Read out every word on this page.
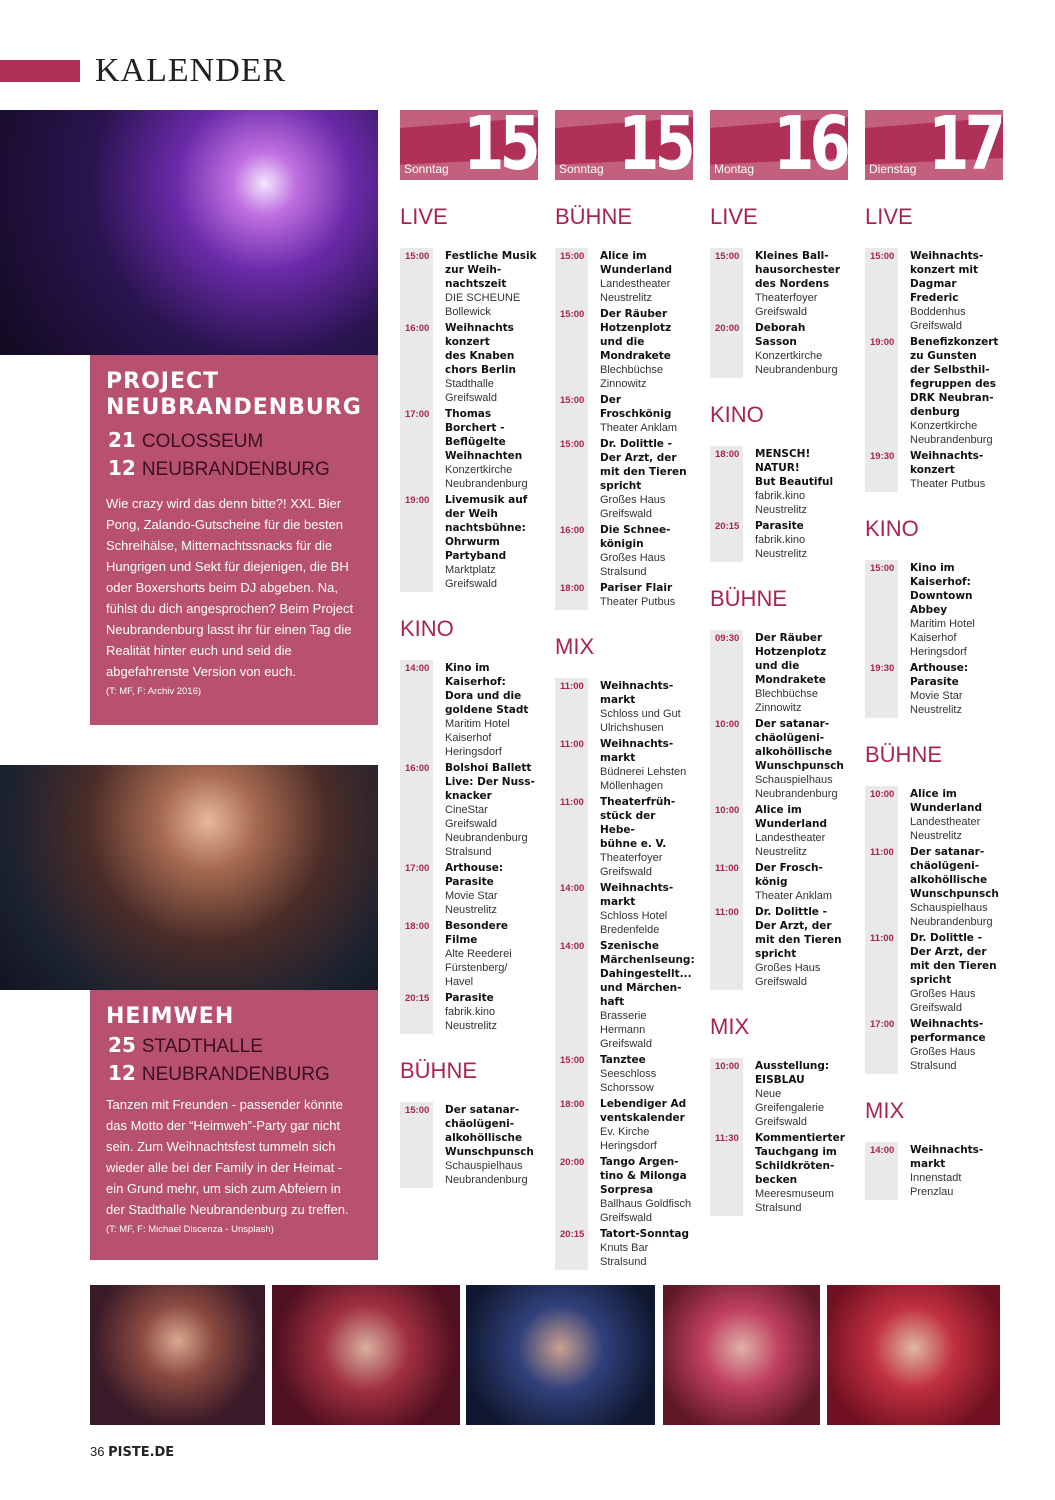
KALENDER
PROJECT
NEUBRANDENBURG
21 COLOSSEUM
12 NEUBRANDENBURG
Wie crazy wird das denn bitte?! XXL Bier Pong, Zalando-Gutscheine für die besten Schreihälse, Mitternachtssnacks für die Hungrigen und Sekt für diejenigen, die BH oder Boxershorts beim DJ abgeben. Na, fühlst du dich angesprochen? Beim Project Neubrandenburg lasst ihr für einen Tag die Realität hinter euch und seid die abgefahrenste Version von euch.
(T: MF, F: Archiv 2016)
HEIMWEH
25 STADTHALLE
12 NEUBRANDENBURG
Tanzen mit Freunden - passender könnte das Motto der “Heimweh”-Party gar nicht sein. Zum Weihnachtsfest tummeln sich wieder alle bei der Family in der Heimat - ein Grund mehr, um sich zum Abfeiern in der Stadthalle Neubrandenburg zu treffen.
(T: MF, F: Michael Discenza - Unsplash)
Sonntag 15
LIVE
15:00	Festliche Musik
zur Weih-
nachtszeit
DIE SCHEUNE
Bollewick
16:00	Weihnachts
konzert
des Knaben
chors Berlin
Stadthalle
Greifswald
17:00	Thomas
Borchert -
Beflügelte
Weihnachten
Konzertkirche
Neubrandenburg
19:00	Livemusik auf
der Weih
nachtsbühne:
Ohrwurm
Partyband
Marktplatz
Greifswald
KINO
14:00	Kino im
Kaiserhof:
Dora und die
goldene Stadt
Maritim Hotel
Kaiserhof
Heringsdorf
16:00	Bolshoi Ballett
Live: Der Nuss-
knacker
CineStar
Greifswald
Neubrandenburg
Stralsund
17:00	Arthouse:
Parasite
Movie Star
Neustrelitz
18:00	Besondere
Filme
Alte Reederei
Fürstenberg/
Havel
20:15	Parasite
fabrik.kino
Neustrelitz
BÜHNE
15:00	Der satanar-
chäolügeni-
alkohöllische
Wunschpunsch
Schauspielhaus
Neubrandenburg
Sonntag 15
BÜHNE
15:00	Alice im
Wunderland
Landestheater
Neustrelitz
15:00	Der Räuber
Hotzenplotz
und die
Mondrakete
Blechbüchse
Zinnowitz
15:00	Der Froschkönig
Theater Anklam
15:00	Dr. Dolittle -
Der Arzt, der
mit den Tieren
spricht
Großes Haus
Greifswald
16:00	Die Schnee-
königin
Großes Haus
Stralsund
18:00	Pariser Flair
Theater Putbus
MIX
11:00	Weihnachts-
markt
Schloss und Gut
Ulrichshusen
11:00	Weihnachts-
markt
Büdnerei Lehsten
Möllenhagen
11:00	Theaterfrüh-
stück der Hebe-
bühne e. V.
Theaterfoyer
Greifswald
14:00	Weihnachts-
markt
Schloss Hotel
Bredenfelde
14:00	Szenische
Märchenlseung:
Dahingestellt...
und Märchen-
haft
Brasserie Hermann
Greifswald
15:00	Tanztee
Seeschloss
Schorssow
18:00	Lebendiger Ad
ventskalender
Ev. Kirche
Heringsdorf
20:00	Tango Argen-
tino & Milonga
Sorpresa
Ballhaus Goldfisch
Greifswald
20:15	Tatort-Sonntag
Knuts Bar
Stralsund
Montag 16
LIVE
15:00	Kleines Ball-
hausorchester
des Nordens
Theaterfoyer
Greifswald
20:00	Deborah
Sasson
Konzertkirche
Neubrandenburg
KINO
18:00	MENSCH!
NATUR!
But Beautiful
fabrik.kino
Neustrelitz
20:15	Parasite
fabrik.kino
Neustrelitz
BÜHNE
09:30	Der Räuber
Hotzenplotz
und die
Mondrakete
Blechbüchse
Zinnowitz
10:00	Der satanar-
chäolügeni-
alkohöllische
Wunschpunsch
Schauspielhaus
Neubrandenburg
10:00	Alice im
Wunderland
Landestheater
Neustrelitz
11:00	Der Frosch-
könig
Theater Anklam
11:00	Dr. Dolittle -
Der Arzt, der
mit den Tieren
spricht
Großes Haus
Greifswald
MIX
10:00	Ausstellung:
EISBLAU
Neue
Greifengalerie
Greifswald
11:30	Kommentierter
Tauchgang im
Schildkröten-
becken
Meeresmuseum
Stralsund
Dienstag 17
LIVE
15:00	Weihnachts-
konzert mit
Dagmar
Frederic
Boddenhus
Greifswald
19:00	Benefizkonzert
zu Gunsten
der Selbsthil-
fegruppen des
DRK Neubran-
denburg
Konzertkirche
Neubrandenburg
19:30	Weihnachts-
konzert
Theater Putbus
KINO
15:00	Kino im
Kaiserhof:
Downtown
Abbey
Maritim Hotel
Kaiserhof
Heringsdorf
19:30	Arthouse:
Parasite
Movie Star
Neustrelitz
BÜHNE
10:00	Alice im
Wunderland
Landestheater
Neustrelitz
11:00	Der satanar-
chäolügeni-
alkohöllische
Wunschpunsch
Schauspielhaus
Neubrandenburg
11:00	Dr. Dolittle -
Der Arzt, der
mit den Tieren
spricht
Großes Haus
Greifswald
17:00	Weihnachts-
performance
Großes Haus
Stralsund
MIX
14:00	Weihnachts-
markt
Innenstadt
Prenzlau
36 PISTE.DE
